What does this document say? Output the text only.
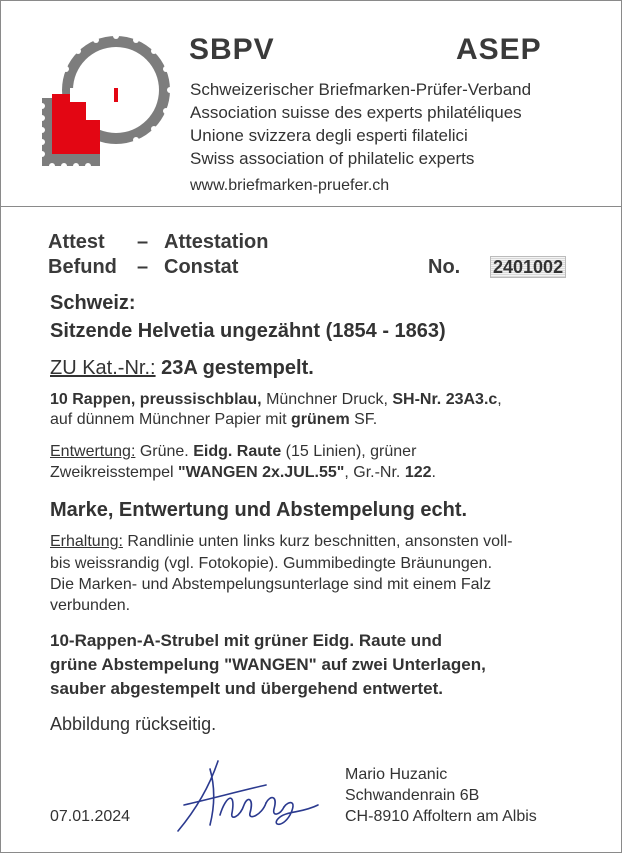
SBPV	ASEP
Schweizerischer Briefmarken-Prüfer-Verband
Association suisse des experts philatéliques
Unione svizzera degli esperti filatelici
Swiss association of philatelic experts
www.briefmarken-pruefer.ch
Attest – Attestation
Befund – Constat	No. 2401002
Schweiz:
Sitzende Helvetia ungezähnt (1854 - 1863)
ZU Kat.-Nr.: 23A gestempelt.
10 Rappen, preussischblau, Münchner Druck, SH-Nr. 23A3.c,
auf dünnem Münchner Papier mit grünem SF.
Entwertung: Grüne. Eidg. Raute (15 Linien), grüner
Zweikreisstempel "WANGEN 2x.JUL.55", Gr.-Nr. 122.
Marke, Entwertung und Abstempelung echt.
Erhaltung: Randlinie unten links kurz beschnitten, ansonsten voll-
bis weissrandig (vgl. Fotokopie). Gummibedingte Bräunungen.
Die Marken- und Abstempelungsunterlage sind mit einem Falz
verbunden.
10-Rappen-A-Strubel mit grüner Eidg. Raute und
grüne Abstempelung "WANGEN" auf zwei Unterlagen,
sauber abgestempelt und übergehend entwertet.
Abbildung rückseitig.
07.01.2024
Mario Huzanic
Schwandenrain 6B
CH-8910 Affoltern am Albis
